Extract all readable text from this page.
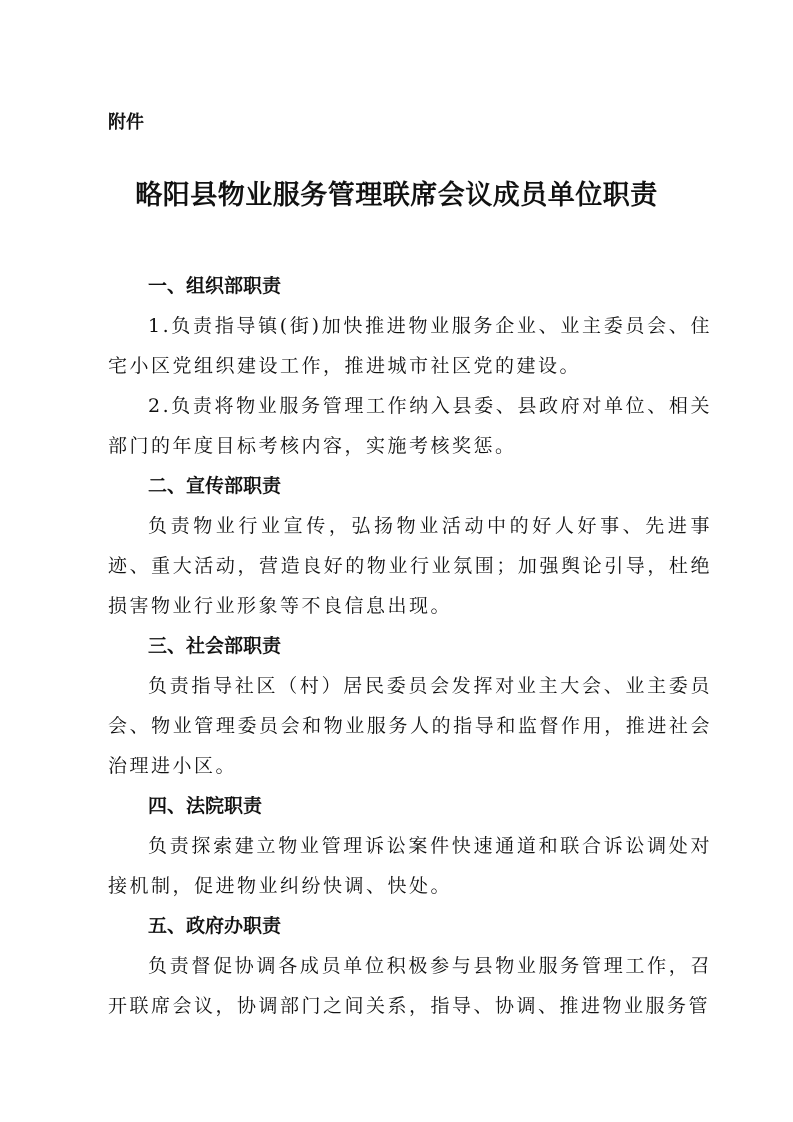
附件
略阳县物业服务管理联席会议成员单位职责

一、组织部职责

1.负责指导镇(街)加快推进物业服务企业、业主委员会、住宅小区党组织建设工作，推进城市社区党的建设。

2.负责将物业服务管理工作纳入县委、县政府对单位、相关部门的年度目标考核内容，实施考核奖惩。

二、宣传部职责

负责物业行业宣传，弘扬物业活动中的好人好事、先进事迹、重大活动，营造良好的物业行业氛围；加强舆论引导，杜绝损害物业行业形象等不良信息出现。

三、社会部职责

负责指导社区（村）居民委员会发挥对业主大会、业主委员会、物业管理委员会和物业服务人的指导和监督作用，推进社会治理进小区。

四、法院职责

负责探索建立物业管理诉讼案件快速通道和联合诉讼调处对接机制，促进物业纠纷快调、快处。

五、政府办职责

负责督促协调各成员单位积极参与县物业服务管理工作，召开联席会议，协调部门之间关系，指导、协调、推进物业服务管
